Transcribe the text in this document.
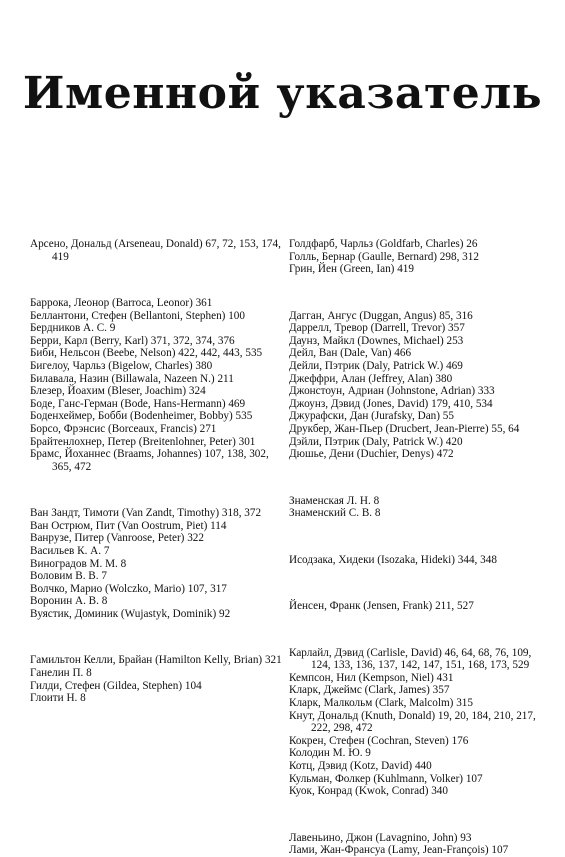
Именной указатель

Арсено, Дональд (Arseneau, Donald) 67, 72, 153, 174, 419

Баррока, Леонор (Barroca, Leonor) 361

Беллантони, Стефен (Bellantoni, Stephen) 100

Бердников А. С. 9

Берри, Карл (Berry, Karl) 371, 372, 374, 376

Биби, Нельсон (Beebe, Nelson) 422, 442, 443, 535

Бигелоу, Чарльз (Bigelow, Charles) 380

Билавала, Назин (Billawala, Nazeen N.) 211

Блезер, Йоахим (Bleser, Joachim) 324

Боде, Ганс-Герман (Bode, Hans-Hermann) 469

Боденхеймер, Бобби (Bodenheimer, Bobby) 535

Борсо, Фрэнсис (Borceaux, Francis) 271

Брайтенлохнер, Петер (Breitenlohner, Peter) 301

Брамс, Йоханнес (Braams, Johannes) 107, 138, 302, 365, 472

Ван Зандт, Тимоти (Van Zandt, Timothy) 318, 372

Ван Острюм, Пит (Van Oostrum, Piet) 114

Ванрузе, Питер (Vanroose, Peter) 322

Васильев К. А. 7

Виноградов М. М. 8

Воловим В. В. 7

Волчко, Марио (Wolczko, Mario) 107, 317

Воронин А. В. 8

Вуястик, Доминик (Wujastyk, Dominik) 92

Гамильтон Келли, Брайан (Hamilton Kelly, Brian) 321

Ганелин П. 8

Гилди, Стефен (Gildea, Stephen) 104

Глоити Н. 8

Голдфарб, Чарльз (Goldfarb, Charles) 26

Голль, Бернар (Gaulle, Bernard) 298, 312

Грин, Йен (Green, Ian) 419

Дагган, Ангус (Duggan, Angus) 85, 316

Даррелл, Тревор (Darrell, Trevor) 357

Даунз, Майкл (Downes, Michael) 253

Дейл, Ван (Dale, Van) 466

Дейли, Пэтрик (Daly, Patrick W.) 469

Джеффри, Алан (Jeffrey, Alan) 380

Джонстоун, Адриан (Johnstone, Adrian) 333

Джоунз, Дэвид (Jones, David) 179, 410, 534

Джурафски, Дан (Jurafsky, Dan) 55

Друкбер, Жан-Пьер (Drucbert, Jean-Pierre) 55, 64

Дэйли, Пэтрик (Daly, Patrick W.) 420

Дюшье, Дени (Duchier, Denys) 472

Знаменская Л. Н. 8

Знаменский С. В. 8

Исодзака, Хидеки (Isozaka, Hideki) 344, 348

Йенсен, Франк (Jensen, Frank) 211, 527

Карлайл, Дэвид (Carlisle, David) 46, 64, 68, 76, 109, 124, 133, 136, 137, 142, 147, 151, 168, 173, 529

Кемпсон, Нил (Kempson, Niel) 431

Кларк, Джеймс (Clark, James) 357

Кларк, Малкольм (Clark, Malcolm) 315

Кнут, Дональд (Knuth, Donald) 19, 20, 184, 210, 217, 222, 298, 472

Кокрен, Стефен (Cochran, Steven) 176

Колодин М. Ю. 9

Котц, Дэвид (Kotz, David) 440

Кульман, Фолкер (Kuhlmann, Volker) 107

Куок, Конрад (Kwok, Conrad) 340

Лавеньино, Джон (Lavagnino, John) 93

Лами, Жан-Франсуа (Lamy, Jean-François) 107
